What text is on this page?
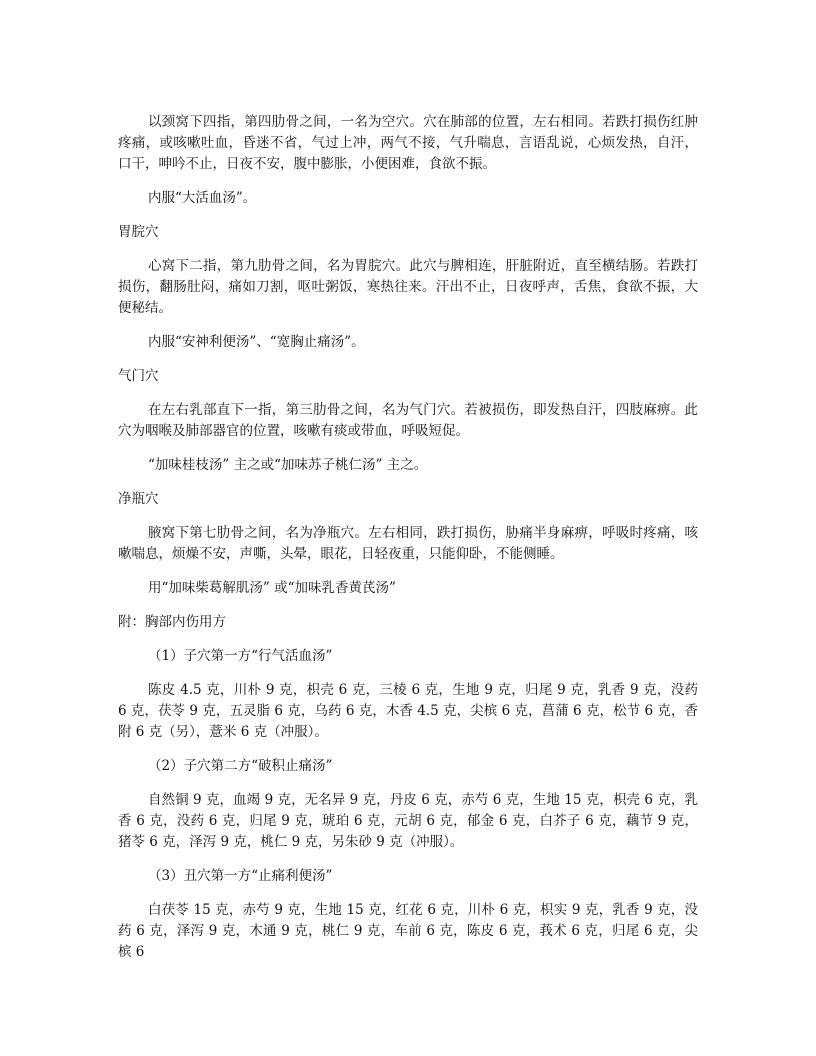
以颈窝下四指，第四肋骨之间，一名为空穴。穴在肺部的位置，左右相同。若跌打损伤红肿疼痛，或咳嗽吐血，昏迷不省，气过上冲，两气不接，气升喘息，言语乱说，心烦发热，自汗，口干，呻吟不止，日夜不安，腹中膨胀，小便困难，食欲不振。

内服“大活血汤”。

胃脘穴

心窝下二指，第九肋骨之间，名为胃脘穴。此穴与脾相连，肝脏附近，直至横结肠。若跌打损伤，翻肠肚闷，痛如刀割，呕吐粥饭，寒热往来。汗出不止，日夜呼声，舌焦，食欲不振，大便秘结。

内服“安神利便汤”、“宽胸止痛汤”。

气门穴

在左右乳部直下一指，第三肋骨之间，名为气门穴。若被损伤，即发热自汗，四肢麻痹。此穴为咽喉及肺部器官的位置，咳嗽有痰或带血，呼吸短促。

“加味桂枝汤” 主之或“加味苏子桃仁汤” 主之。

净瓶穴

腋窝下第七肋骨之间，名为净瓶穴。左右相同，跌打损伤，胁痛半身麻痹，呼吸时疼痛，咳嗽喘息，烦燥不安，声嘶，头晕，眼花，日轻夜重，只能仰卧，不能侧睡。

用“加味柴葛解肌汤” 或“加味乳香黄芪汤”

附：胸部内伤用方

（1）子穴第一方“行气活血汤”

陈皮 4.5 克，川朴 9 克，枳壳 6 克，三棱 6 克，生地 9 克，归尾 9 克，乳香 9 克，没药 6 克，茯苓 9 克，五灵脂 6 克，乌药 6 克，木香 4.5 克，尖槟 6 克，菖蒲 6 克，松节 6 克，香附 6 克（另），薏米 6 克（冲服）。

（2）子穴第二方“破积止痛汤”

自然铜 9 克，血竭 9 克，无名异 9 克，丹皮 6 克，赤芍 6 克，生地 15 克，枳壳 6 克，乳香 6 克，没药 6 克，归尾 9 克，琥珀 6 克，元胡 6 克，郁金 6 克，白芥子 6 克，藕节 9 克，猪苓 6 克，泽泻 9 克，桃仁 9 克，另朱砂 9 克（冲服）。

（3）丑穴第一方“止痛利便汤”

白茯苓 15 克，赤芍 9 克，生地 15 克，红花 6 克，川朴 6 克，枳实 9 克，乳香 9 克，没药 6 克，泽泻 9 克，木通 9 克，桃仁 9 克，车前 6 克，陈皮 6 克，莪术 6 克，归尾 6 克，尖槟 6
